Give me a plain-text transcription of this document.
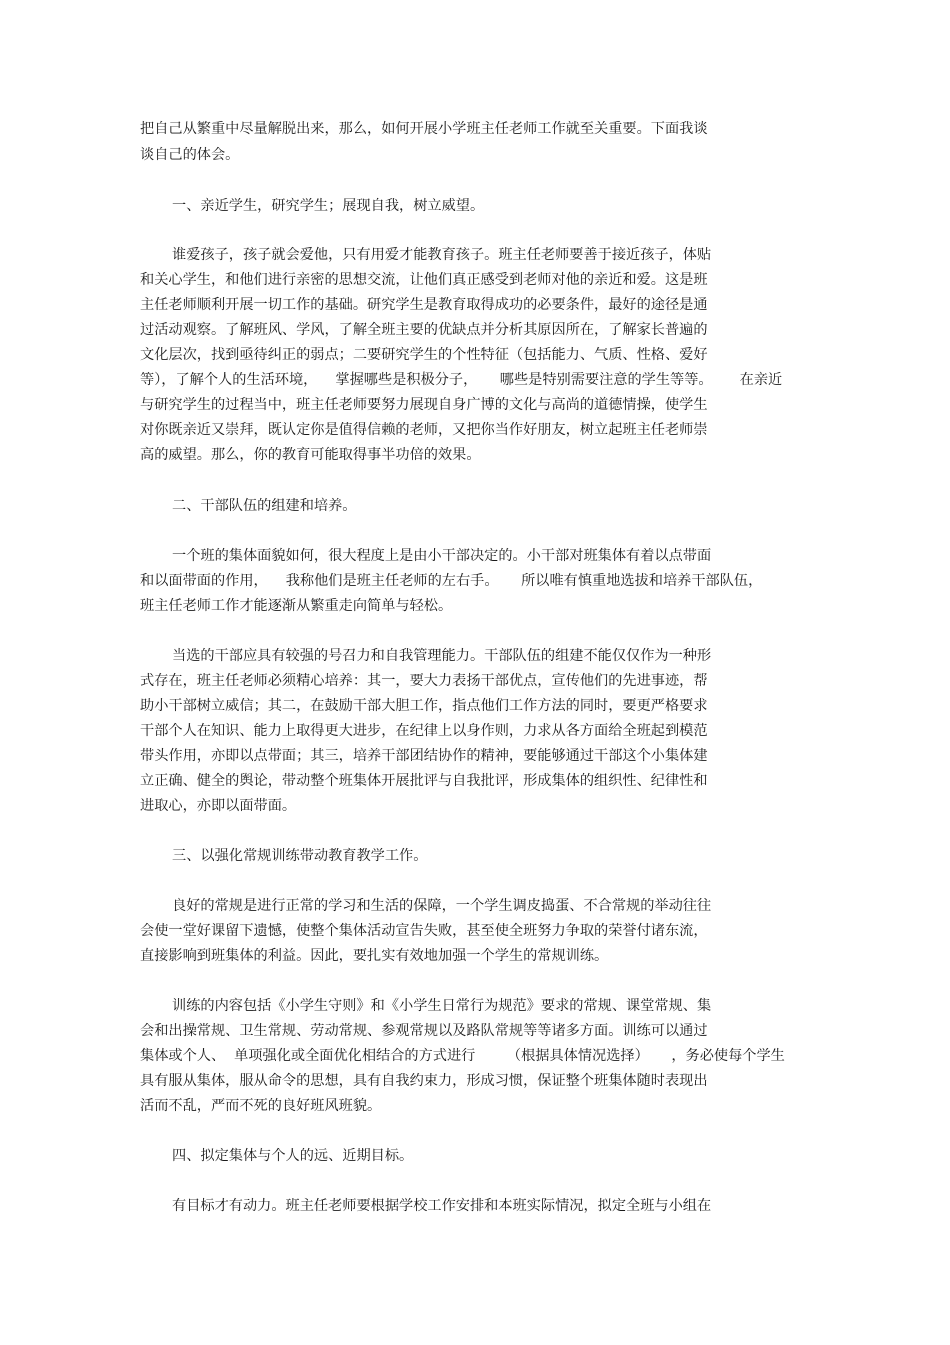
把自己从繁重中尽量解脱出来，那么，如何开展小学班主任老师工作就至关重要。下面我谈
谈自己的体会。
一、亲近学生，研究学生；展现自我，树立威望。
谁爱孩子，孩子就会爱他，只有用爱才能教育孩子。班主任老师要善于接近孩子，体贴
和关心学生，和他们进行亲密的思想交流，让他们真正感受到老师对他的亲近和爱。这是班
主任老师顺利开展一切工作的基础。研究学生是教育取得成功的必要条件，最好的途径是通
过活动观察。了解班风、学风，了解全班主要的优缺点并分析其原因所在，了解家长普遍的
文化层次，找到亟待纠正的弱点；二要研究学生的个性特征（包括能力、气质、性格、爱好
等），了解个人的生活环境，    掌握哪些是积极分子，     哪些是特别需要注意的学生等等。      在亲近
与研究学生的过程当中，班主任老师要努力展现自身广博的文化与高尚的道德情操，使学生
对你既亲近又崇拜，既认定你是值得信赖的老师，又把你当作好朋友，树立起班主任老师崇
高的威望。那么，你的教育可能取得事半功倍的效果。
二、干部队伍的组建和培养。
一个班的集体面貌如何，很大程度上是由小干部决定的。小干部对班集体有着以点带面
和以面带面的作用，    我称他们是班主任老师的左右手。     所以唯有慎重地选拔和培养干部队伍，
班主任老师工作才能逐渐从繁重走向简单与轻松。
当选的干部应具有较强的号召力和自我管理能力。干部队伍的组建不能仅仅作为一种形
式存在，班主任老师必须精心培养：其一，要大力表扬干部优点，宣传他们的先进事迹，帮
助小干部树立威信；其二，在鼓励干部大胆工作，指点他们工作方法的同时，要更严格要求
干部个人在知识、能力上取得更大进步，在纪律上以身作则，力求从各方面给全班起到模范
带头作用，亦即以点带面；其三，培养干部团结协作的精神，要能够通过干部这个小集体建
立正确、健全的舆论，带动整个班集体开展批评与自我批评，形成集体的组织性、纪律性和
进取心，亦即以面带面。
三、以强化常规训练带动教育教学工作。
良好的常规是进行正常的学习和生活的保障，一个学生调皮捣蛋、不合常规的举动往往
会使一堂好课留下遗憾，使整个集体活动宣告失败，甚至使全班努力争取的荣誉付诸东流，
直接影响到班集体的利益。因此，要扎实有效地加强一个学生的常规训练。
训练的内容包括《小学生守则》和《小学生日常行为规范》要求的常规、课堂常规、集
会和出操常规、卫生常规、劳动常规、参观常规以及路队常规等等诸多方面。训练可以通过
集体或个人、  单项强化或全面优化相结合的方式进行       （根据具体情况选择）     ，务必使每个学生
具有服从集体，服从命令的思想，具有自我约束力，形成习惯，保证整个班集体随时表现出
活而不乱，严而不死的良好班风班貌。
四、拟定集体与个人的远、近期目标。
有目标才有动力。班主任老师要根据学校工作安排和本班实际情况，拟定全班与小组在
